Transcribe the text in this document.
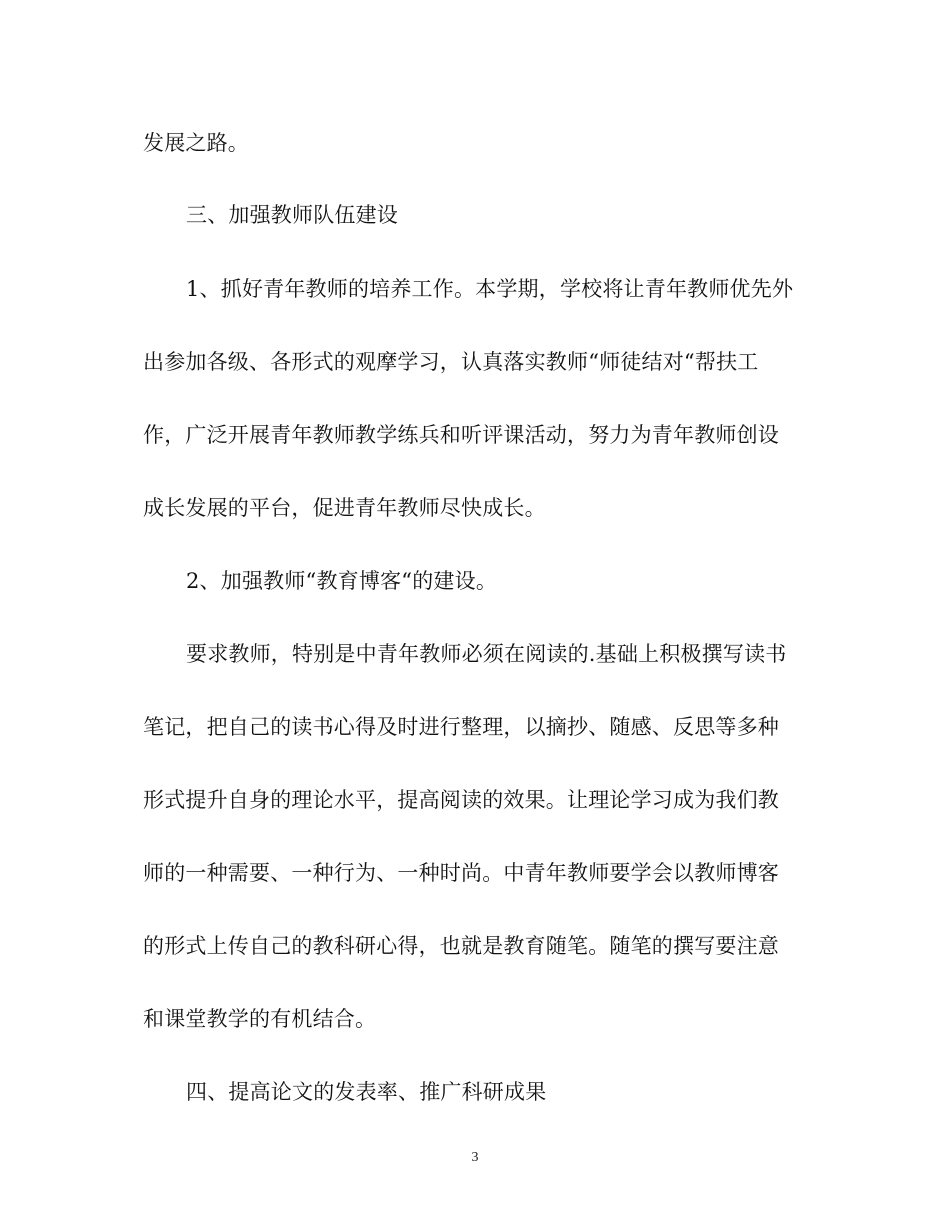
发展之路。
三、加强教师队伍建设
1、抓好青年教师的培养工作。本学期，学校将让青年教师优先外
出参加各级、各形式的观摩学习，认真落实教师“师徒结对“帮扶工
作，广泛开展青年教师教学练兵和听评课活动，努力为青年教师创设
成长发展的平台，促进青年教师尽快成长。
2、加强教师“教育博客“的建设。
要求教师，特别是中青年教师必须在阅读的.基础上积极撰写读书
笔记，把自己的读书心得及时进行整理，以摘抄、随感、反思等多种
形式提升自身的理论水平，提高阅读的效果。让理论学习成为我们教
师的一种需要、一种行为、一种时尚。中青年教师要学会以教师博客
的形式上传自己的教科研心得，也就是教育随笔。随笔的撰写要注意
和课堂教学的有机结合。
四、提高论文的发表率、推广科研成果
3
